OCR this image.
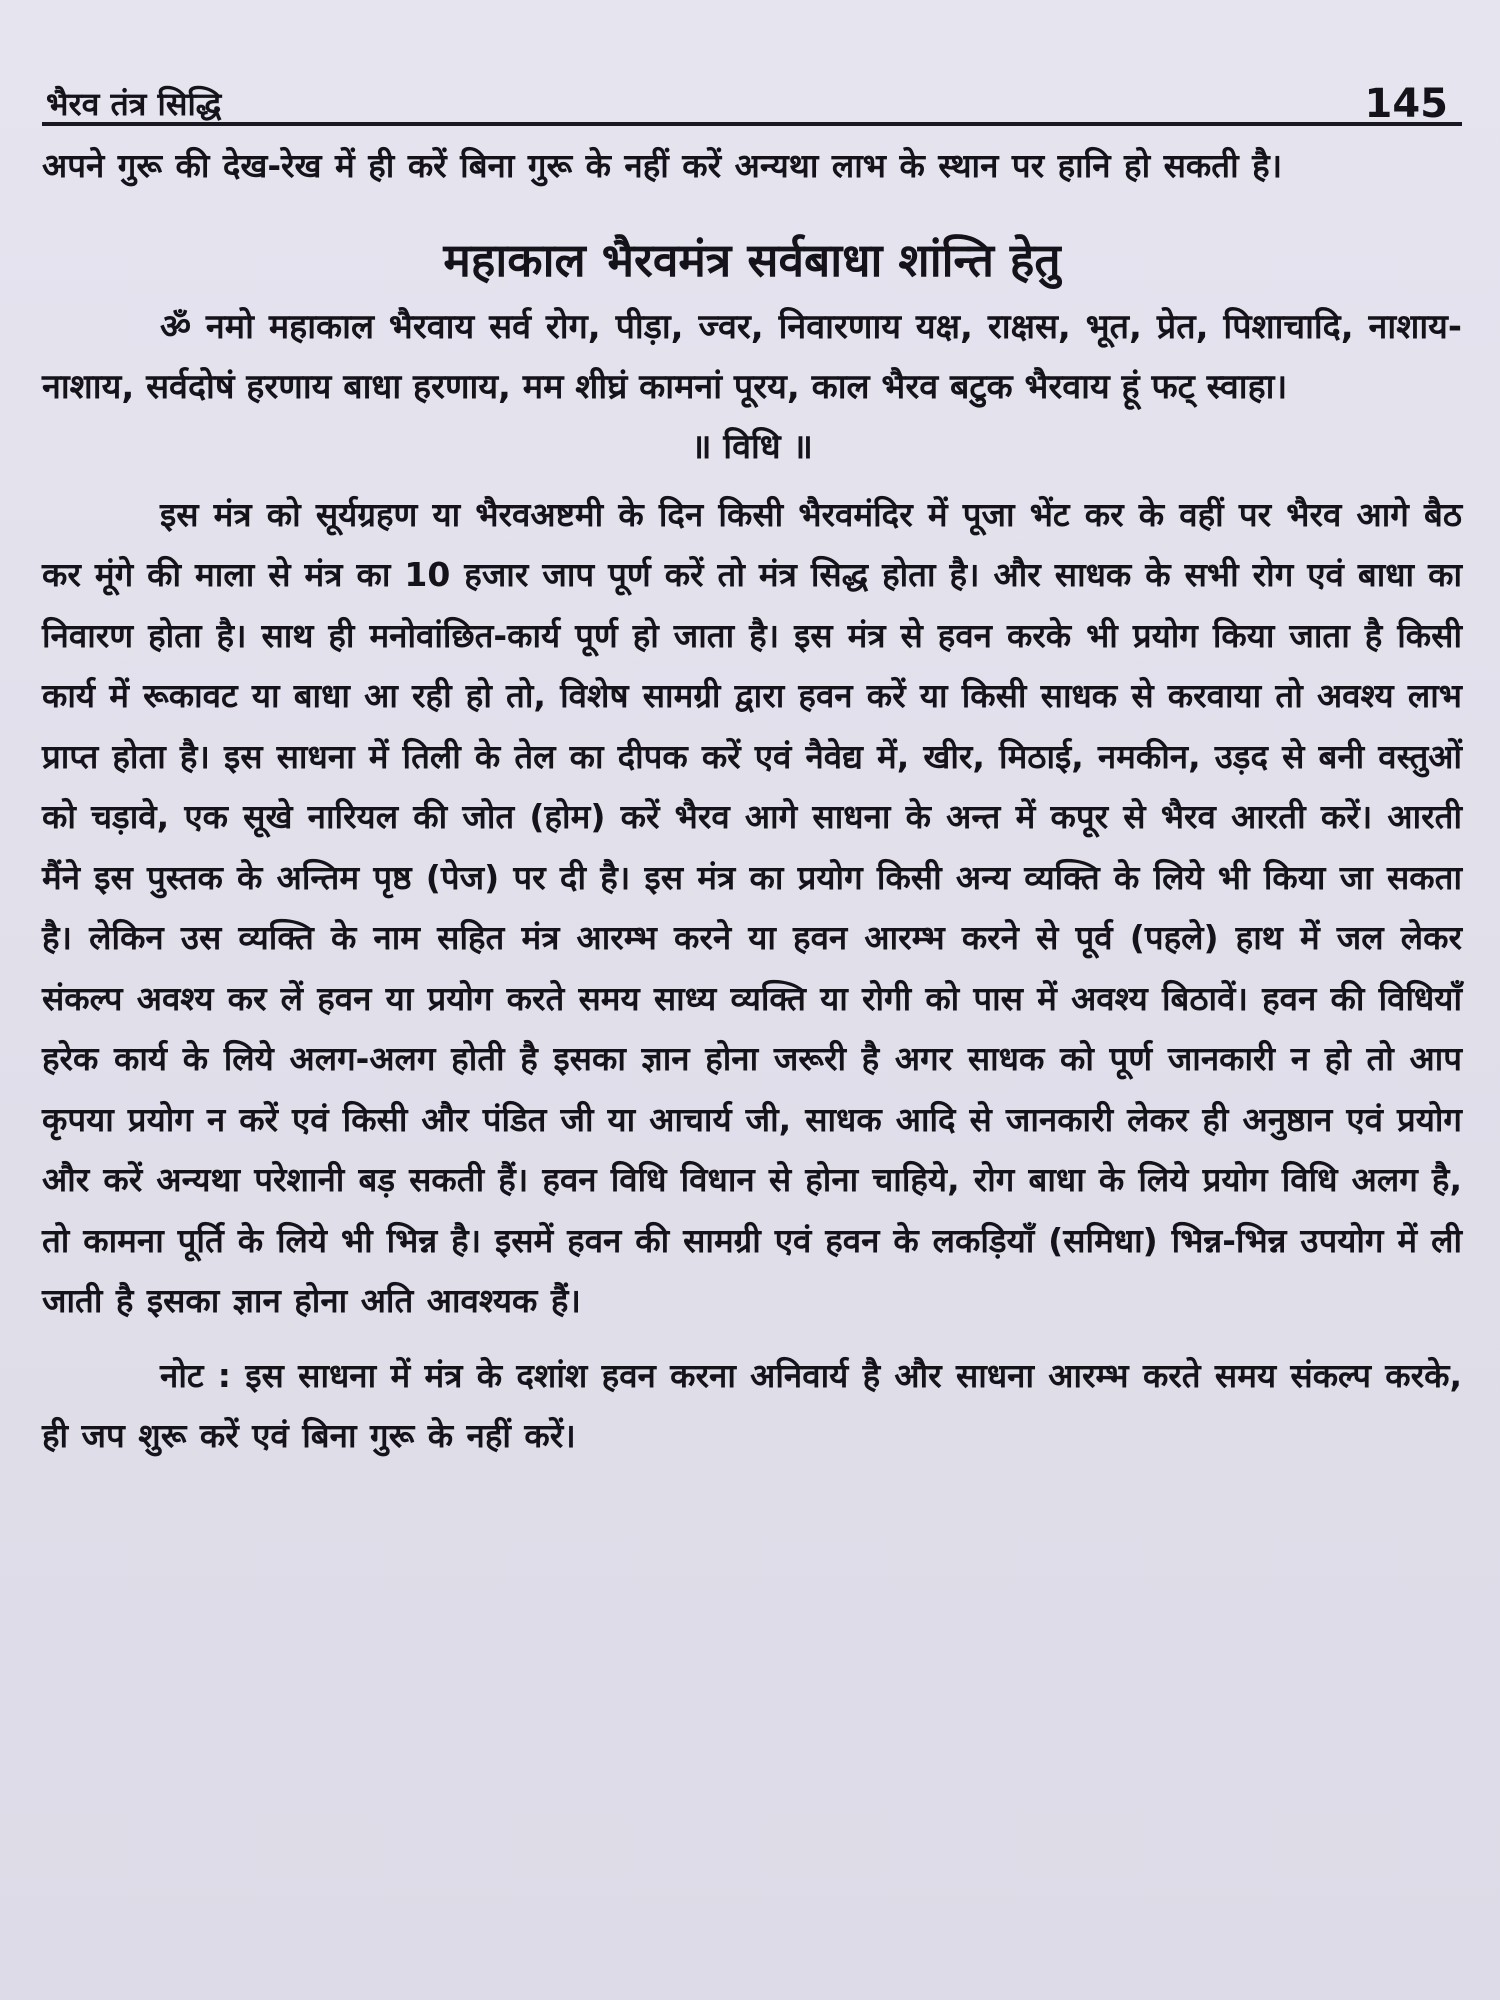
भैरव तंत्र सिद्धि	145

अपने गुरू की देख-रेख में ही करें बिना गुरू के नहीं करें अन्यथा लाभ के स्थान पर हानि हो सकती है।

महाकाल भैरवमंत्र सर्वबाधा शांन्ति हेतु

ॐ नमो महाकाल भैरवाय सर्व रोग, पीड़ा, ज्वर, निवारणाय यक्ष, राक्षस, भूत, प्रेत, पिशाचादि, नाशाय-नाशाय, सर्वदोषं हरणाय बाधा हरणाय, मम शीघ्रं कामनां पूरय, काल भैरव बटुक भैरवाय हूं फट् स्वाहा।

॥ विधि ॥

इस मंत्र को सूर्यग्रहण या भैरवअष्टमी के दिन किसी भैरवमंदिर में पूजा भेंट कर के वहीं पर भैरव आगे बैठ कर मूंगे की माला से मंत्र का 10 हजार जाप पूर्ण करें तो मंत्र सिद्ध होता है। और साधक के सभी रोग एवं बाधा का निवारण होता है। साथ ही मनोवांछित-कार्य पूर्ण हो जाता है। इस मंत्र से हवन करके भी प्रयोग किया जाता है किसी कार्य में रूकावट या बाधा आ रही हो तो, विशेष सामग्री द्वारा हवन करें या किसी साधक से करवाया तो अवश्य लाभ प्राप्त होता है। इस साधना में तिली के तेल का दीपक करें एवं नैवेद्य में, खीर, मिठाई, नमकीन, उड़द से बनी वस्तुओं को चड़ावे, एक सूखे नारियल की जोत (होम) करें भैरव आगे साधना के अन्त में कपूर से भैरव आरती करें। आरती मैंने इस पुस्तक के अन्तिम पृष्ठ (पेज) पर दी है। इस मंत्र का प्रयोग किसी अन्य व्यक्ति के लिये भी किया जा सकता है। लेकिन उस व्यक्ति के नाम सहित मंत्र आरम्भ करने या हवन आरम्भ करने से पूर्व (पहले) हाथ में जल लेकर संकल्प अवश्य कर लें हवन या प्रयोग करते समय साध्य व्यक्ति या रोगी को पास में अवश्य बिठावें। हवन की विधियाँ हरेक कार्य के लिये अलग-अलग होती है इसका ज्ञान होना जरूरी है अगर साधक को पूर्ण जानकारी न हो तो आप कृपया प्रयोग न करें एवं किसी और पंडित जी या आचार्य जी, साधक आदि से जानकारी लेकर ही अनुष्ठान एवं प्रयोग और करें अन्यथा परेशानी बड़ सकती हैं। हवन विधि विधान से होना चाहिये, रोग बाधा के लिये प्रयोग विधि अलग है, तो कामना पूर्ति के लिये भी भिन्न है। इसमें हवन की सामग्री एवं हवन के लकड़ियाँ (समिधा) भिन्न-भिन्न उपयोग में ली जाती है इसका ज्ञान होना अति आवश्यक हैं।

नोट : इस साधना में मंत्र के दशांश हवन करना अनिवार्य है और साधना आरम्भ करते समय संकल्प करके, ही जप शुरू करें एवं बिना गुरू के नहीं करें।
